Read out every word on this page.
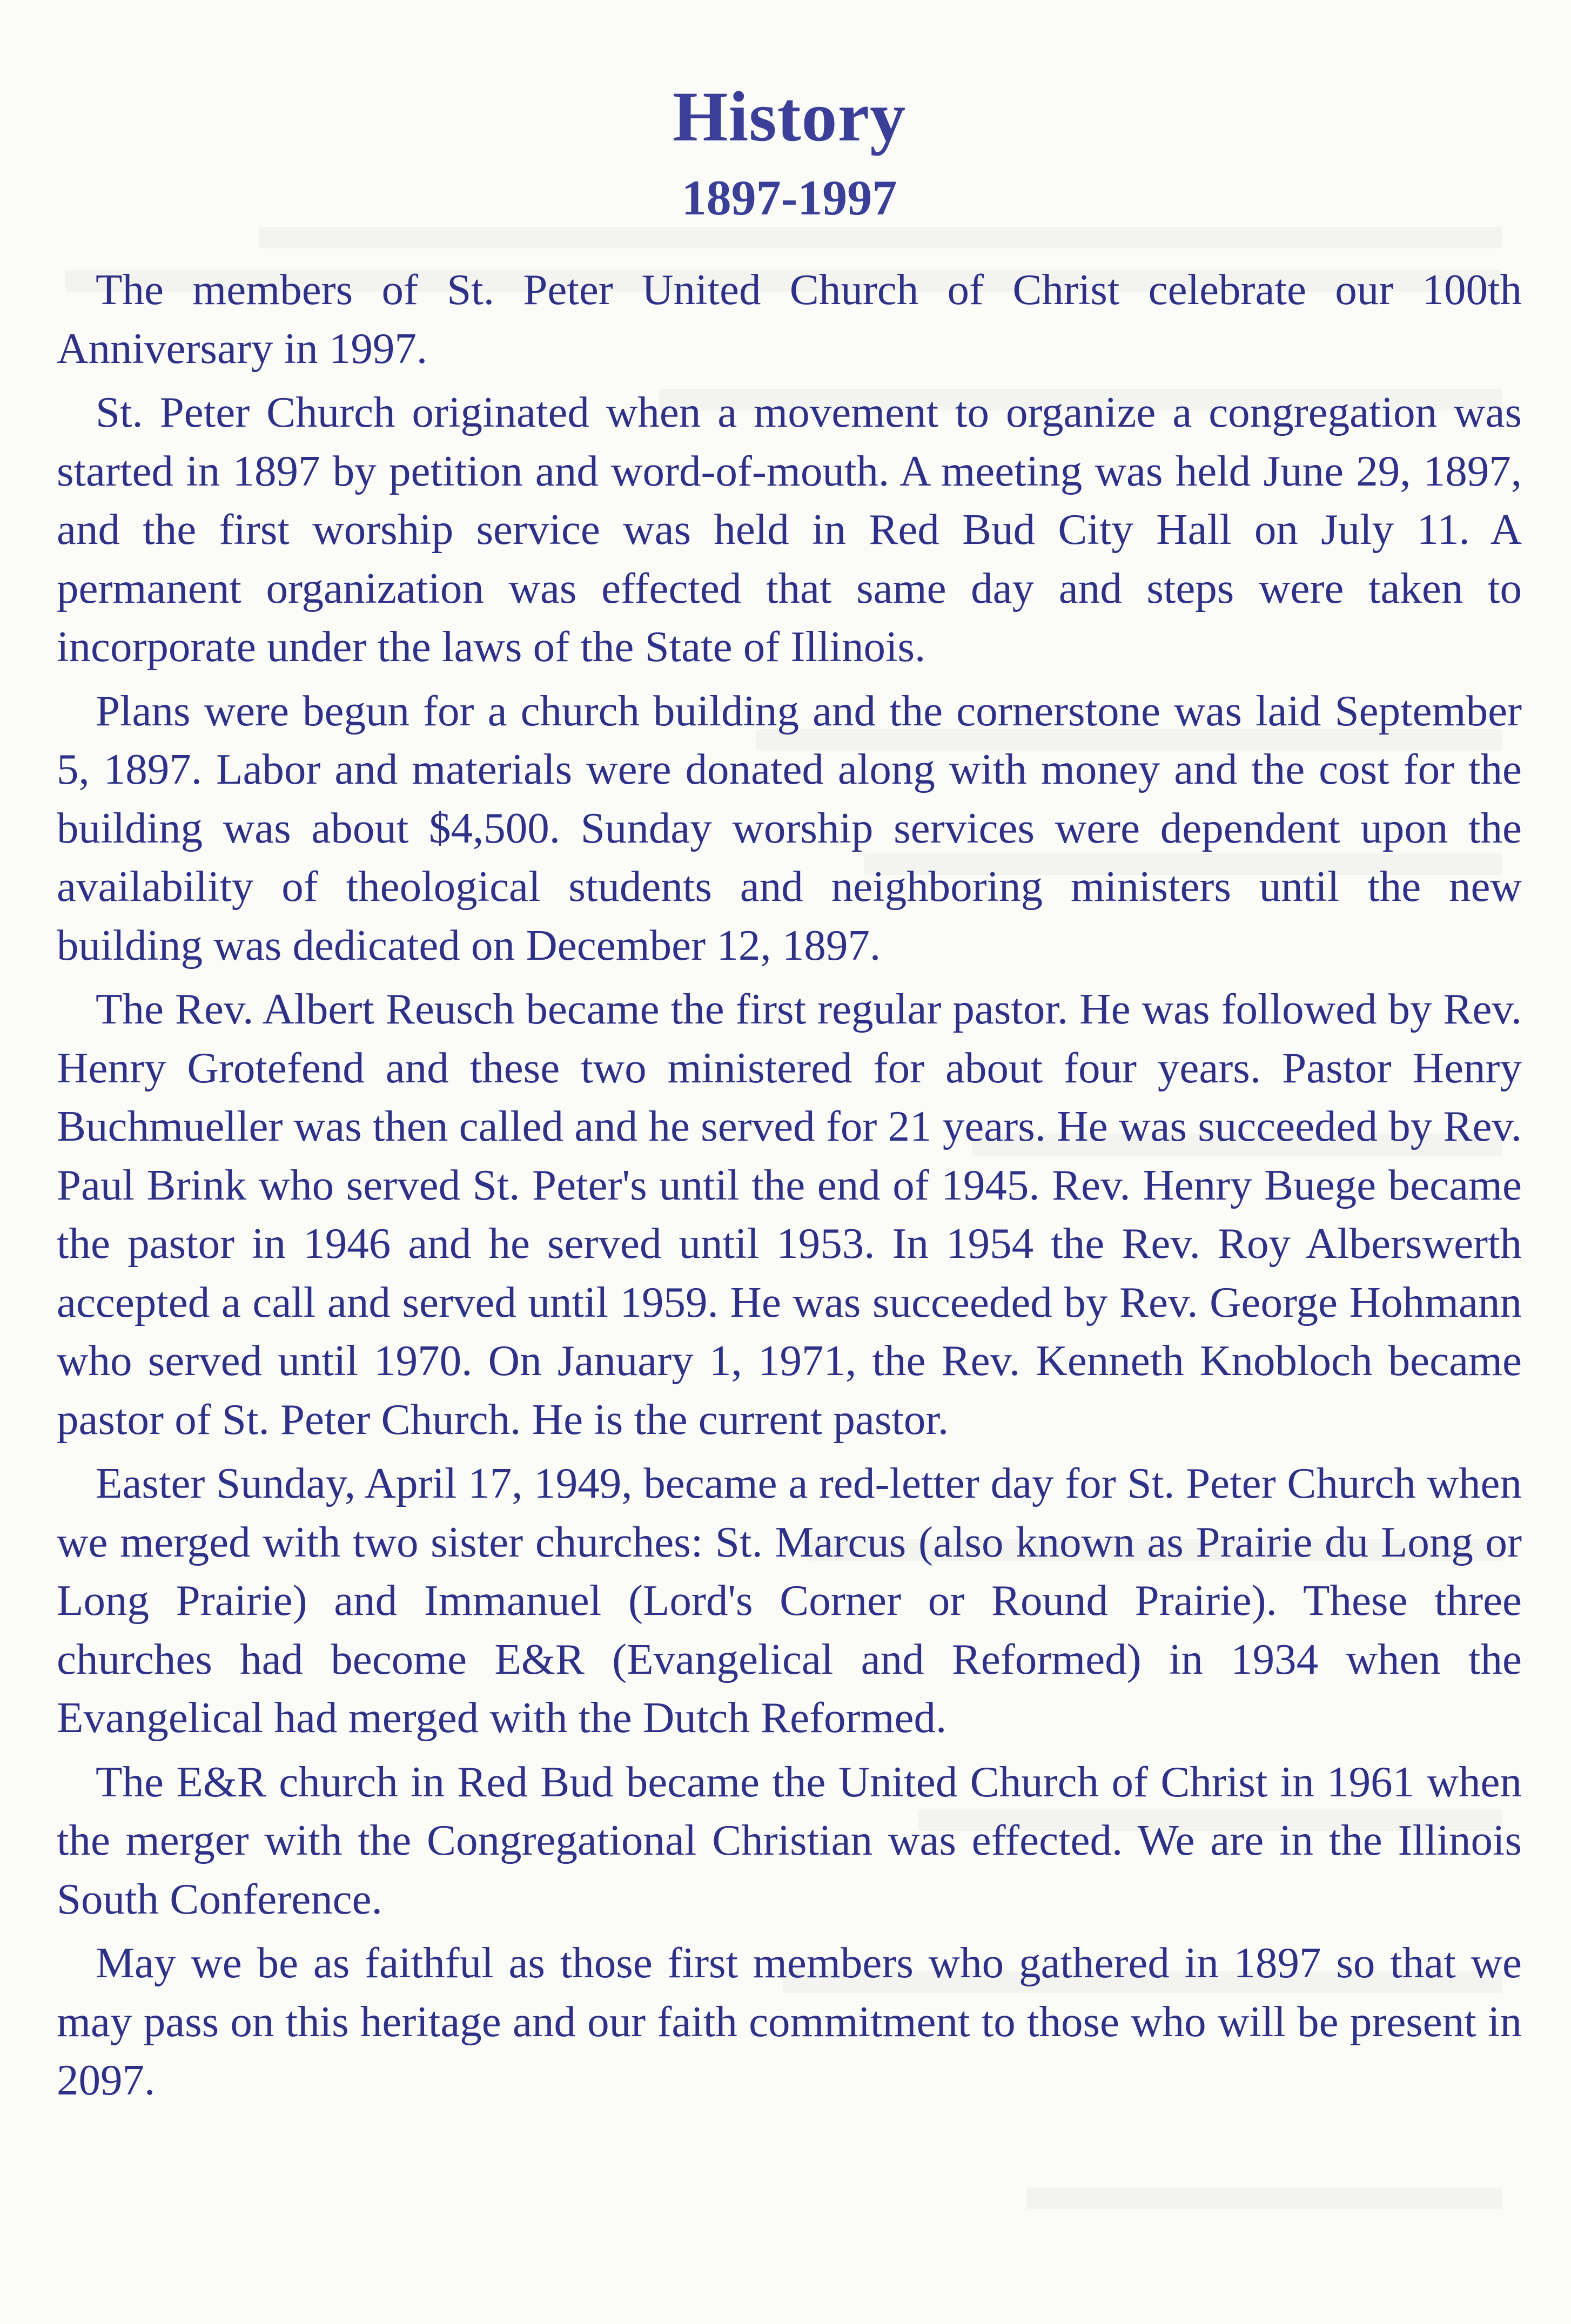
History
1897-1997

The members of St. Peter United Church of Christ celebrate our 100th Anniversary in 1997.

St. Peter Church originated when a movement to organize a congregation was started in 1897 by petition and word-of-mouth. A meeting was held June 29, 1897, and the first worship service was held in Red Bud City Hall on July 11. A permanent organization was effected that same day and steps were taken to incorporate under the laws of the State of Illinois.

Plans were begun for a church building and the cornerstone was laid September 5, 1897. Labor and materials were donated along with money and the cost for the building was about $4,500. Sunday worship services were dependent upon the availability of theological students and neighboring ministers until the new building was dedicated on December 12, 1897.

The Rev. Albert Reusch became the first regular pastor. He was followed by Rev. Henry Grotefend and these two ministered for about four years. Pastor Henry Buchmueller was then called and he served for 21 years. He was succeeded by Rev. Paul Brink who served St. Peter's until the end of 1945. Rev. Henry Buege became the pastor in 1946 and he served until 1953. In 1954 the Rev. Roy Alberswerth accepted a call and served until 1959. He was succeeded by Rev. George Hohmann who served until 1970. On January 1, 1971, the Rev. Kenneth Knobloch became pastor of St. Peter Church. He is the current pastor.

Easter Sunday, April 17, 1949, became a red-letter day for St. Peter Church when we merged with two sister churches: St. Marcus (also known as Prairie du Long or Long Prairie) and Immanuel (Lord's Corner or Round Prairie). These three churches had become E&R (Evangelical and Reformed) in 1934 when the Evangelical had merged with the Dutch Reformed.

The E&R church in Red Bud became the United Church of Christ in 1961 when the merger with the Congregational Christian was effected. We are in the Illinois South Conference.

May we be as faithful as those first members who gathered in 1897 so that we may pass on this heritage and our faith commitment to those who will be present in 2097.
